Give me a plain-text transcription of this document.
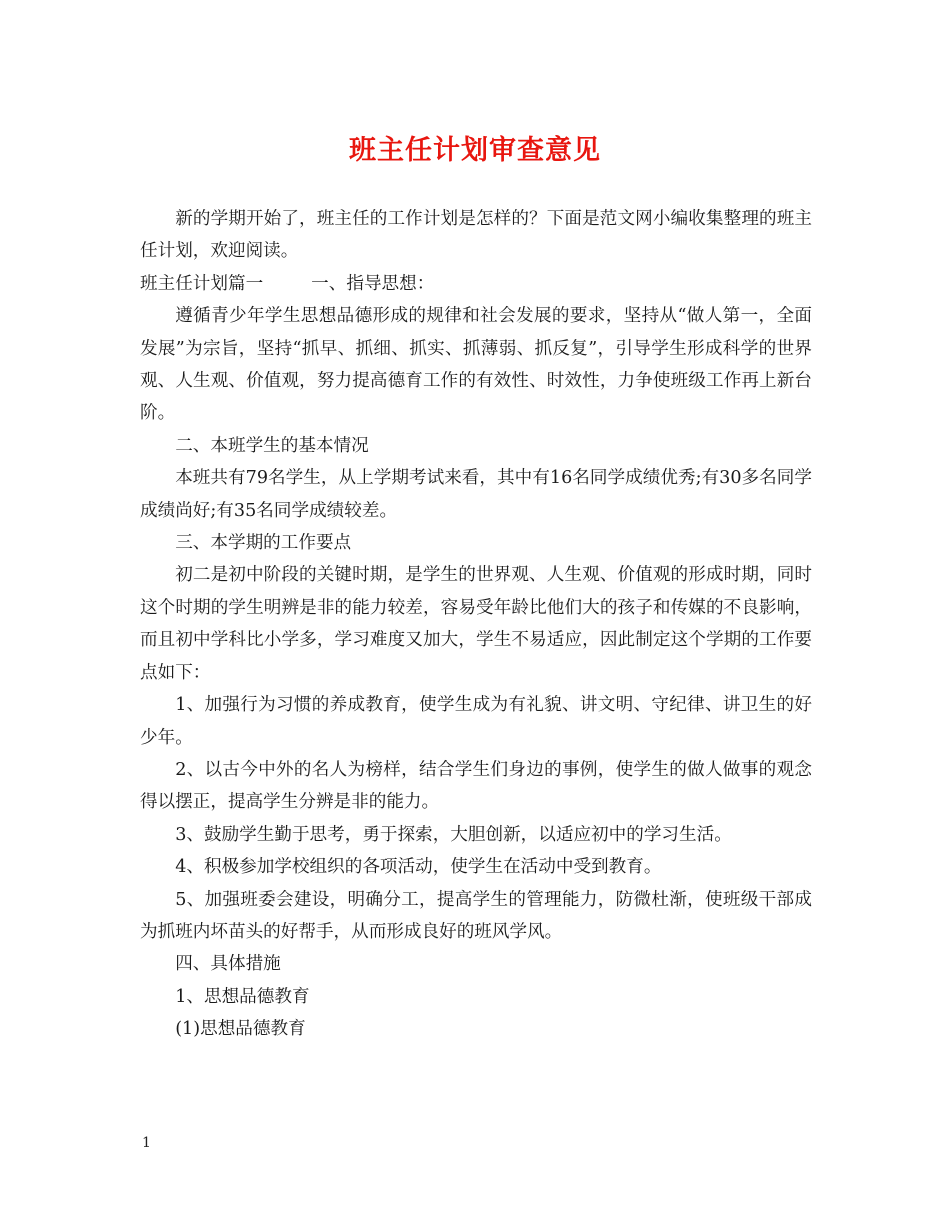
班主任计划审查意见

新的学期开始了，班主任的工作计划是怎样的？下面是范文网小编收集整理的班主任计划，欢迎阅读。

班主任计划篇一	一、指导思想：

遵循青少年学生思想品德形成的规律和社会发展的要求，坚持从“做人第一，全面发展”为宗旨，坚持“抓早、抓细、抓实、抓薄弱、抓反复”，引导学生形成科学的世界观、人生观、价值观，努力提高德育工作的有效性、时效性，力争使班级工作再上新台阶。

二、本班学生的基本情况

本班共有79名学生，从上学期考试来看，其中有16名同学成绩优秀;有30多名同学成绩尚好;有35名同学成绩较差。

三、本学期的工作要点

初二是初中阶段的关键时期，是学生的世界观、人生观、价值观的形成时期，同时这个时期的学生明辨是非的能力较差，容易受年龄比他们大的孩子和传媒的不良影响，而且初中学科比小学多，学习难度又加大，学生不易适应，因此制定这个学期的工作要点如下：

1、加强行为习惯的养成教育，使学生成为有礼貌、讲文明、守纪律、讲卫生的好少年。

2、以古今中外的名人为榜样，结合学生们身边的事例，使学生的做人做事的观念得以摆正，提高学生分辨是非的能力。

3、鼓励学生勤于思考，勇于探索，大胆创新，以适应初中的学习生活。

4、积极参加学校组织的各项活动，使学生在活动中受到教育。

5、加强班委会建设，明确分工，提高学生的管理能力，防微杜渐，使班级干部成为抓班内坏苗头的好帮手，从而形成良好的班风学风。

四、具体措施

1、思想品德教育

(1)思想品德教育

1
